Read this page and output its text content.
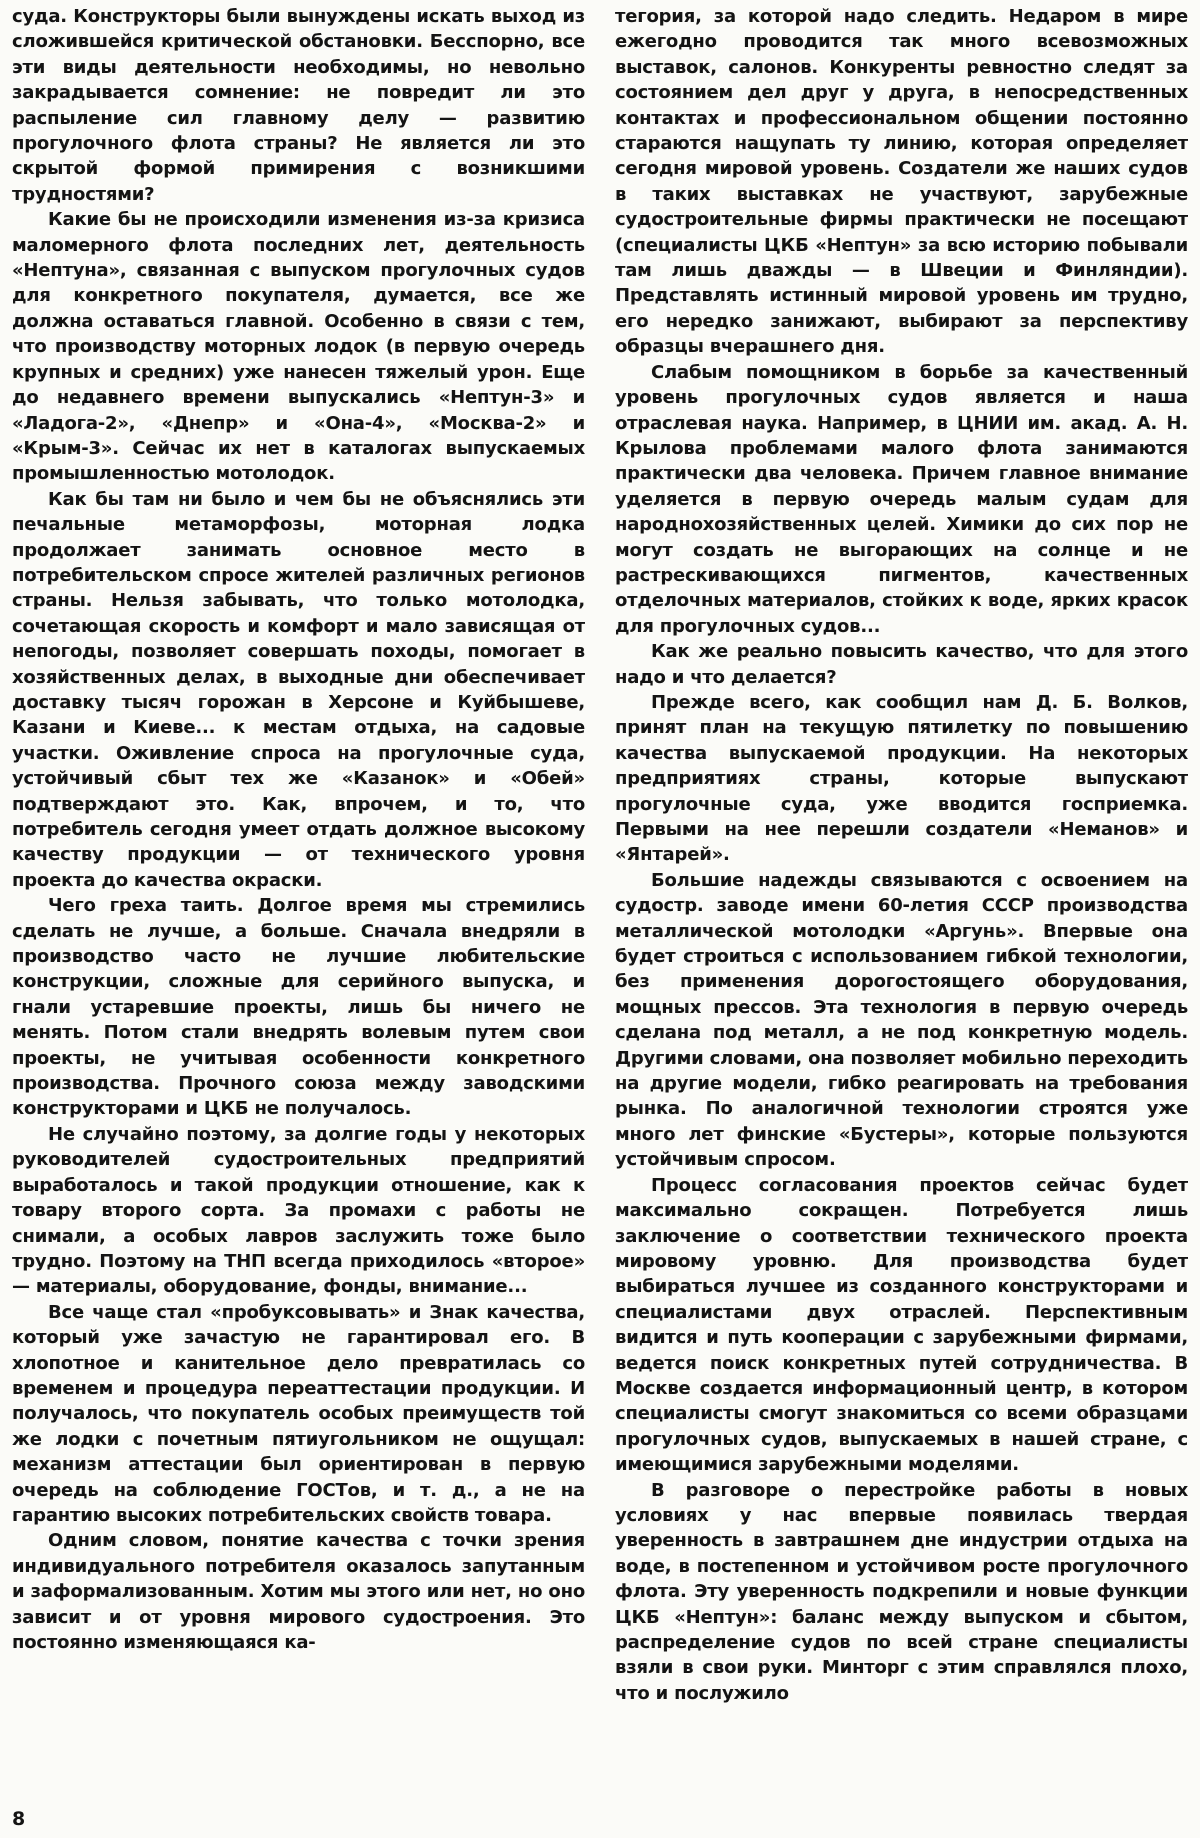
суда. Конструкторы были вынуждены искать выход из сложившейся критической обстановки. Бесспорно, все эти виды деятельности необходимы, но невольно закрадывается сомнение: не повредит ли это распыление сил главному делу — развитию прогулочного флота страны? Не является ли это скрытой формой примирения с возникшими трудностями?

Какие бы не происходили изменения из-за кризиса маломерного флота последних лет, деятельность «Нептуна», связанная с выпуском прогулочных судов для конкретного покупателя, думается, все же должна оставаться главной. Особенно в связи с тем, что производству моторных лодок (в первую очередь крупных и средних) уже нанесен тяжелый урон. Еще до недавнего времени выпускались «Нептун-3» и «Ладога-2», «Днепр» и «Она-4», «Москва-2» и «Крым-3». Сейчас их нет в каталогах выпускаемых промышленностью мотолодок.

Как бы там ни было и чем бы не объяснялись эти печальные метаморфозы, моторная лодка продолжает занимать основное место в потребительском спросе жителей различных регионов страны. Нельзя забывать, что только мотолодка, сочетающая скорость и комфорт и мало зависящая от непогоды, позволяет совершать походы, помогает в хозяйственных делах, в выходные дни обеспечивает доставку тысяч горожан в Херсоне и Куйбышеве, Казани и Киеве... к местам отдыха, на садовые участки. Оживление спроса на прогулочные суда, устойчивый сбыт тех же «Казанок» и «Обей» подтверждают это. Как, впрочем, и то, что потребитель сегодня умеет отдать должное высокому качеству продукции — от технического уровня проекта до качества окраски.

Чего греха таить. Долгое время мы стремились сделать не лучше, а больше. Сначала внедряли в производство часто не лучшие любительские конструкции, сложные для серийного выпуска, и гнали устаревшие проекты, лишь бы ничего не менять. Потом стали внедрять волевым путем свои проекты, не учитывая особенности конкретного производства. Прочного союза между заводскими конструкторами и ЦКБ не получалось.

Не случайно поэтому, за долгие годы у некоторых руководителей судостроительных предприятий выработалось и такой продукции отношение, как к товару второго сорта. За промахи с работы не снимали, а особых лавров заслужить тоже было трудно. Поэтому на ТНП всегда приходилось «второе» — материалы, оборудование, фонды, внимание...

Все чаще стал «пробуксовывать» и Знак качества, который уже зачастую не гарантировал его. В хлопотное и канительное дело превратилась со временем и процедура переаттестации продукции. И получалось, что покупатель особых преимуществ той же лодки с почетным пятиугольником не ощущал: механизм аттестации был ориентирован в первую очередь на соблюдение ГОСТов, и т. д., а не на гарантию высоких потребительских свойств товара.

Одним словом, понятие качества с точки зрения индивидуального потребителя оказалось запутанным и заформализованным. Хотим мы этого или нет, но оно зависит и от уровня мирового судостроения. Это постоянно изменяющаяся ка-

тегория, за которой надо следить. Недаром в мире ежегодно проводится так много всевозможных выставок, салонов. Конкуренты ревностно следят за состоянием дел друг у друга, в непосредственных контактах и профессиональном общении постоянно стараются нащупать ту линию, которая определяет сегодня мировой уровень. Создатели же наших судов в таких выставках не участвуют, зарубежные судостроительные фирмы практически не посещают (специалисты ЦКБ «Нептун» за всю историю побывали там лишь дважды — в Швеции и Финляндии). Представлять истинный мировой уровень им трудно, его нередко занижают, выбирают за перспективу образцы вчерашнего дня.

Слабым помощником в борьбе за качественный уровень прогулочных судов является и наша отраслевая наука. Например, в ЦНИИ им. акад. А. Н. Крылова проблемами малого флота занимаются практически два человека. Причем главное внимание уделяется в первую очередь малым судам для народнохозяйственных целей. Химики до сих пор не могут создать не выгорающих на солнце и не растрескивающихся пигментов, качественных отделочных материалов, стойких к воде, ярких красок для прогулочных судов...

Как же реально повысить качество, что для этого надо и что делается?

Прежде всего, как сообщил нам Д. Б. Волков, принят план на текущую пятилетку по повышению качества выпускаемой продукции. На некоторых предприятиях страны, которые выпускают прогулочные суда, уже вводится госприемка. Первыми на нее перешли создатели «Неманов» и «Янтарей».

Большие надежды связываются с освоением на судостр. заводе имени 60-летия СССР производства металлической мотолодки «Аргунь». Впервые она будет строиться с использованием гибкой технологии, без применения дорогостоящего оборудования, мощных прессов. Эта технология в первую очередь сделана под металл, а не под конкретную модель. Другими словами, она позволяет мобильно переходить на другие модели, гибко реагировать на требования рынка. По аналогичной технологии строятся уже много лет финские «Бустеры», которые пользуются устойчивым спросом.

Процесс согласования проектов сейчас будет максимально сокращен. Потребуется лишь заключение о соответствии технического проекта мировому уровню. Для производства будет выбираться лучшее из созданного конструкторами и специалистами двух отраслей. Перспективным видится и путь кооперации с зарубежными фирмами, ведется поиск конкретных путей сотрудничества. В Москве создается информационный центр, в котором специалисты смогут знакомиться со всеми образцами прогулочных судов, выпускаемых в нашей стране, с имеющимися зарубежными моделями.

В разговоре о перестройке работы в новых условиях у нас впервые появилась твердая уверенность в завтрашнем дне индустрии отдыха на воде, в постепенном и устойчивом росте прогулочного флота. Эту уверенность подкрепили и новые функции ЦКБ «Нептун»: баланс между выпуском и сбытом, распределение судов по всей стране специалисты взяли в свои руки. Минторг с этим справлялся плохо, что и послужило

8
